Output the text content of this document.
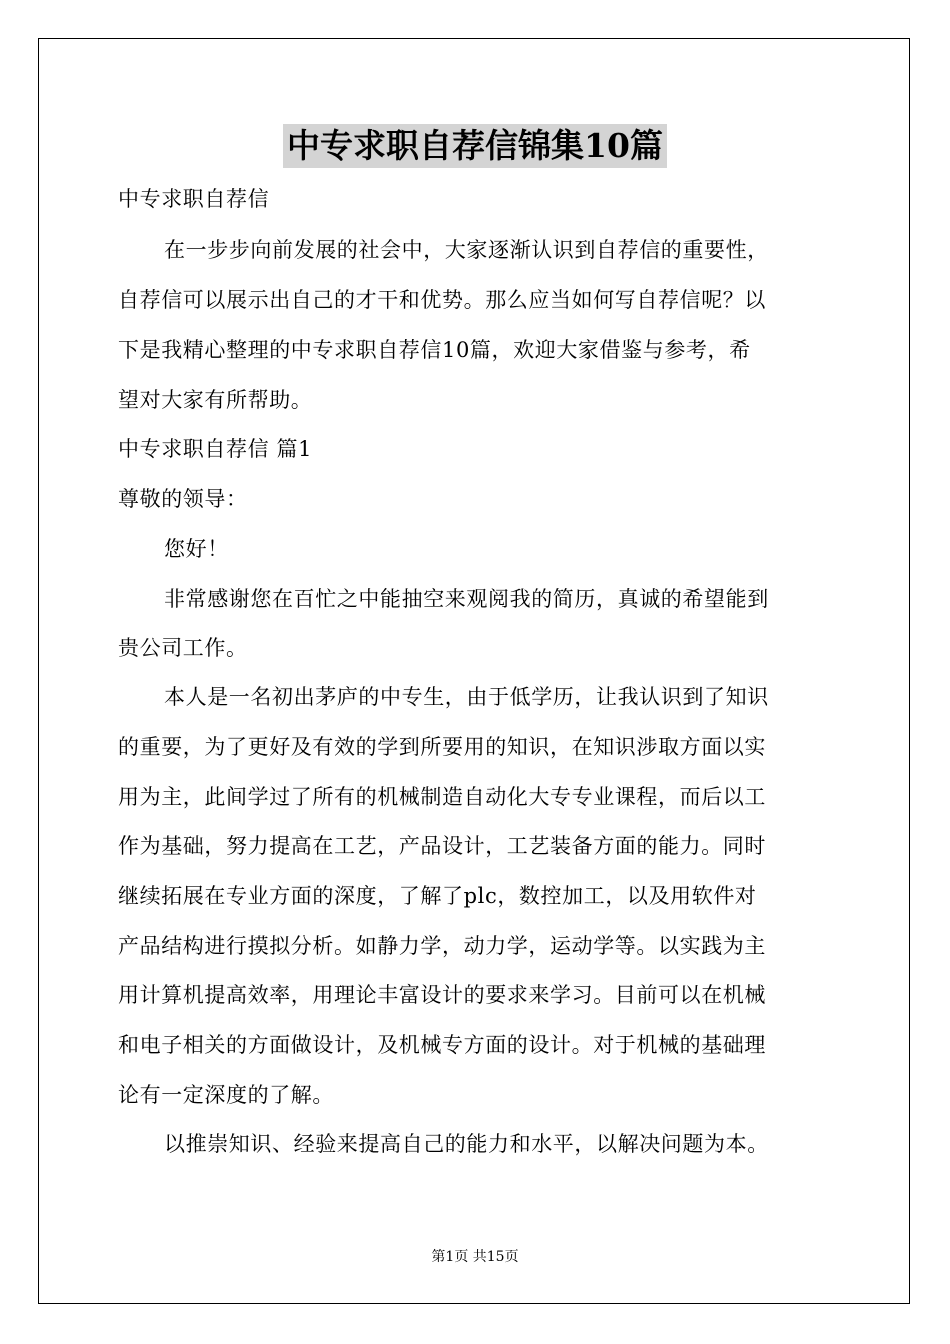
中专求职自荐信锦集10篇
中专求职自荐信
在一步步向前发展的社会中，大家逐渐认识到自荐信的重要性，
自荐信可以展示出自己的才干和优势。那么应当如何写自荐信呢？以
下是我精心整理的中专求职自荐信10篇，欢迎大家借鉴与参考，希
望对大家有所帮助。
中专求职自荐信 篇1
尊敬的领导：
您好！
非常感谢您在百忙之中能抽空来观阅我的简历，真诚的希望能到
贵公司工作。
本人是一名初出茅庐的中专生，由于低学历，让我认识到了知识
的重要，为了更好及有效的学到所要用的知识，在知识涉取方面以实
用为主，此间学过了所有的机械制造自动化大专专业课程，而后以工
作为基础，努力提高在工艺，产品设计，工艺装备方面的能力。同时
继续拓展在专业方面的深度，了解了plc，数控加工，以及用软件对
产品结构进行摸拟分析。如静力学，动力学，运动学等。以实践为主
用计算机提高效率，用理论丰富设计的要求来学习。目前可以在机械
和电子相关的方面做设计，及机械专方面的设计。对于机械的基础理
论有一定深度的了解。
以推崇知识、经验来提高自己的能力和水平，以解决问题为本。
第1页 共15页
